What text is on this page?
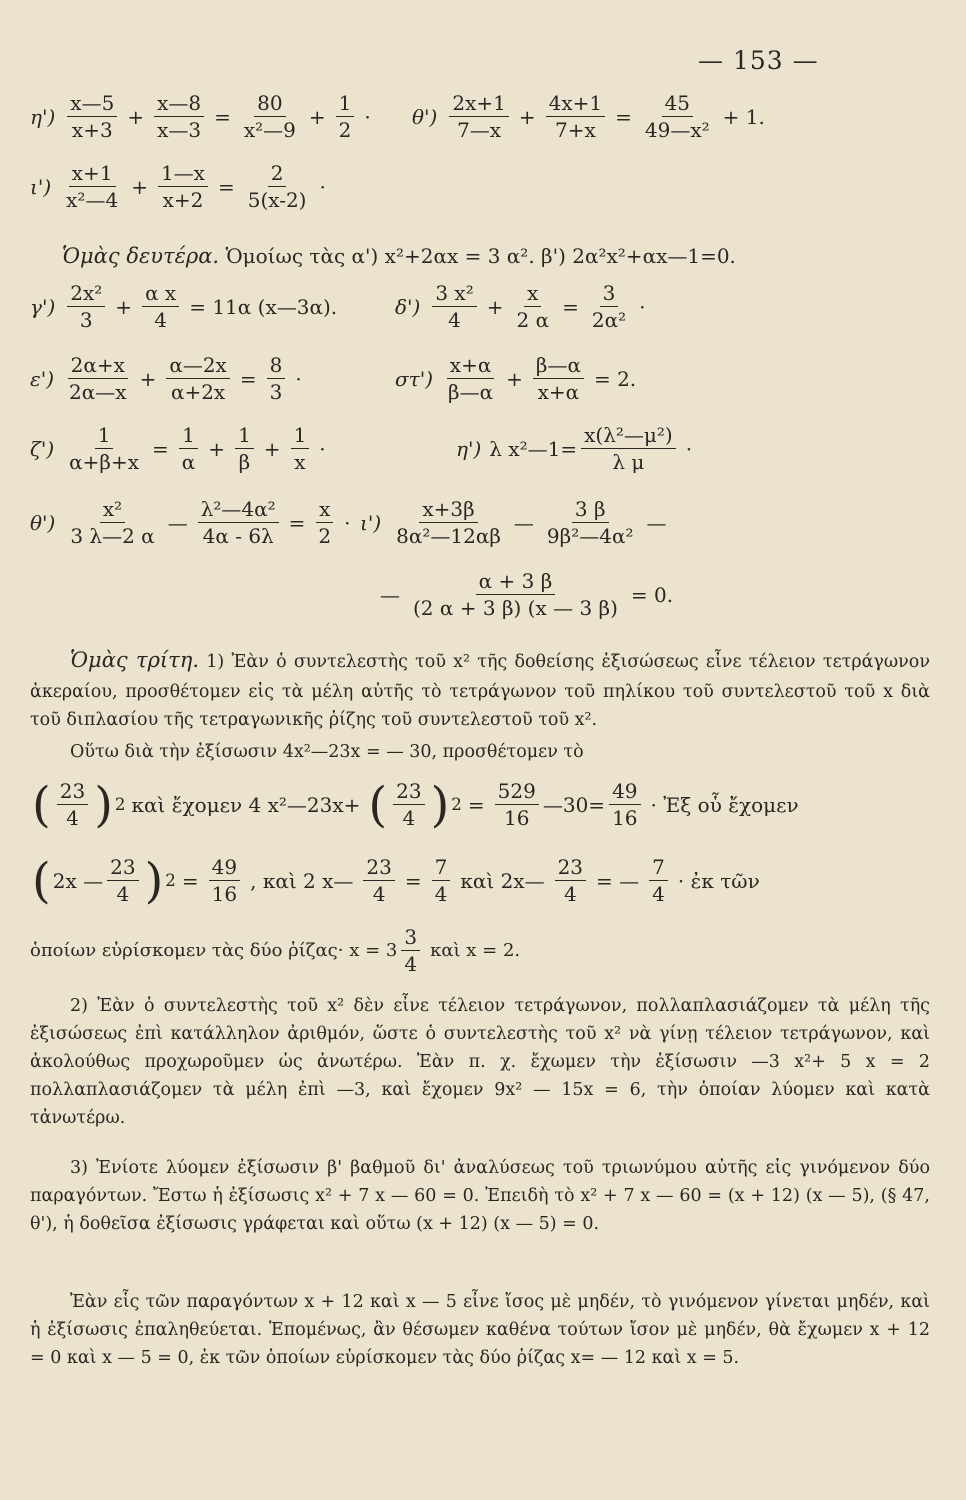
— 153 —
η')
x—5
x+3
+ $\frac{x—8}{x—3} = \frac{80}{\text{x²—9}} + \frac{1}{2} \cdot \theta'$)
2x+1
7—x
+ $\frac{4x+1}{7+x} = \frac{45}{\text{49—x²}} + 1$.
ι')
x+1
x²—4
+ $\frac{1—x}{x+2} = \frac{2}{5(x-2)}$ ·
Ὁμὰς δευτέρα. Ὁμοίως τὰς α') x²+2αx = 3 α². β') 2α²x²+αx—1=0.
γ')
2x²
3
+ $\frac{\text{α x}}{4} = 11\alpha$ (x—3α).	δ')
3 x²
4
+ $\frac{x}{2 \alpha} = \frac{3}{\text{2α²}}$ ·
ε')
2α+x
2α—x
+ $\frac{\alpha—2x}{\alpha+2x} = \frac{8}{3}$ ·	στ')
x+α
β—α
+ $\frac{\beta—\alpha}{x+\alpha} = 2$.
$\zeta') \frac{1}{\alpha+\beta+x} = \frac{1}{\alpha} + \frac{1}{\beta} + \frac{1}{x}$ ·	η') λ x²—1= $\frac{\text{x(λ²—μ²)}}{\text{λ μ}}$ ·
θ')
x²
3 λ—2 α
— $\frac{\text{λ²—4α²}}{4\alpha - 6\lambda} = \frac{x}{2} \cdot \iota'$)
x+3β
8α²—12αβ
—
3 β
9β²—4α²
—
— $\frac{\alpha + 3 \beta}{(2 \alpha + 3 \beta) (x — 3 \beta)} = 0$.
Ὁμὰς τρίτη. 1) Ἐὰν ὁ συντελεστὴς τοῦ x² τῆς δοθείσης ἐξισώσεως εἶνε τέλειον τετράγωνον ἀκεραίου, προσθέτομεν εἰς τὰ μέλη αὐτῆς τὸ τετράγωνον τοῦ πηλίκου τοῦ συντελεστοῦ τοῦ x διὰ τοῦ διπλασίου τῆς τετραγωνικῆς ῥίζης τοῦ συντελεστοῦ τοῦ x².
Οὕτω διὰ τὴν ἐξίσωσιν 4x²—23x = — 30, προσθέτομεν τὸ
( 23
4 ) 2 καὶ ἔχομεν 4 x²—23x+ ( 23
4 ) $2 = \frac{529}{16}$ —30= $\frac{49}{16}$ · Ἐξ οὗ ἔχομεν
( 2x —
23
4 ) $2 = \frac{49}{16}$ , καὶ 2 x— $\frac{23}{4} = \frac{7}{4}$ καὶ 2x— $\frac{23}{4}$ = —
7
4
· ἐκ τῶν
ὁποίων εὑρίσκομεν τὰς δύο ῥίζας· x = 3
3
4
καὶ x = 2.
2) Ἐὰν ὁ συντελεστὴς τοῦ x² δὲν εἶνε τέλειον τετράγωνον, πολλαπλασιάζομεν τὰ μέλη τῆς ἐξισώσεως ἐπὶ κατάλληλον ἀριθμόν, ὥστε ὁ συντελεστὴς τοῦ x² νὰ γίνῃ τέλειον τετράγωνον, καὶ ἀκολούθως προχωροῦμεν ὡς ἀνωτέρω. Ἐὰν π. χ. ἔχωμεν τὴν ἐξίσωσιν —3 x²+ 5 x = 2 πολλαπλασιάζομεν τὰ μέλη ἐπὶ —3, καὶ ἔχομεν 9x² — 15x = 6, τὴν ὁποίαν λύομεν καὶ κατὰ τἀνωτέρω.
3) Ἐνίοτε λύομεν ἐξίσωσιν β' βαθμοῦ δι' ἀναλύσεως τοῦ τριωνύμου αὐτῆς εἰς γινόμενον δύο παραγόντων. Ἔστω ἡ ἐξίσωσις x² + 7 x — 60 = 0. Ἐπειδὴ τὸ x² + 7 x — 60 = (x + 12) (x — 5), (§ 47, θ'), ἡ δοθεῖσα ἐξίσωσις γράφεται καὶ οὕτω (x + 12) (x — 5) = 0.
Ἐὰν εἷς τῶν παραγόντων x + 12 καὶ x — 5 εἶνε ἴσος μὲ μηδέν, τὸ γινόμενον γίνεται μηδέν, καὶ ἡ ἐξίσωσις ἐπαληθεύεται. Ἑπομένως, ἂν θέσωμεν καθένα τούτων ἴσον μὲ μηδέν, θὰ ἔχωμεν x + 12 = 0 καὶ x — 5 = 0, ἐκ τῶν ὁποίων εὑρίσκομεν τὰς δύο ῥίζας x= — 12 καὶ x = 5.
